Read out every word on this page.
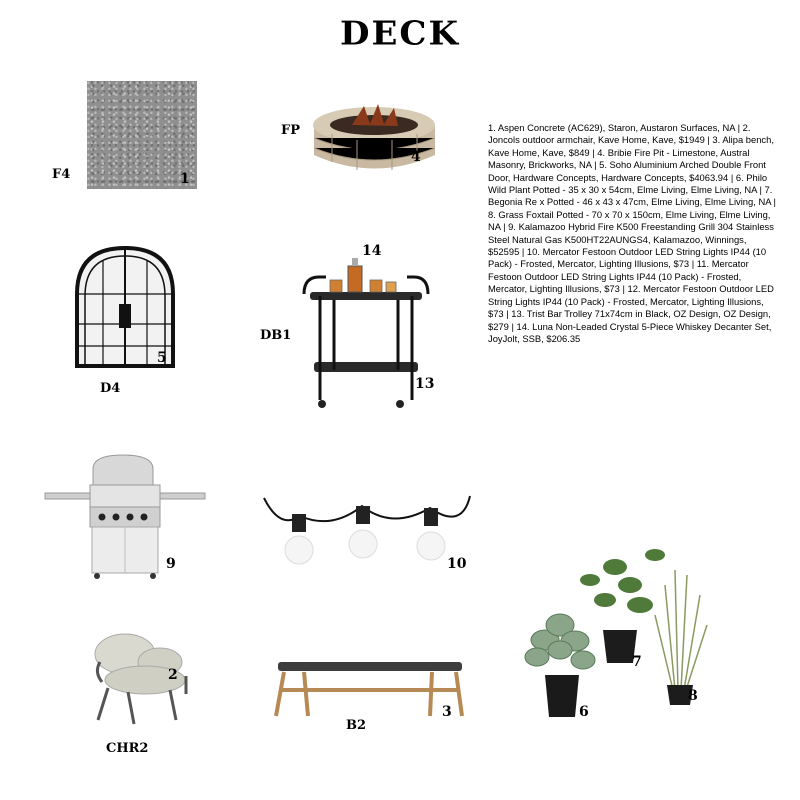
DECK
1. Aspen Concrete (AC629), Staron, Austaron Surfaces, NA | 2. Joncols outdoor armchair, Kave Home, Kave, $1949 | 3. Alipa bench, Kave Home, Kave, $849 | 4. Bribie Fire Pit - Limestone, Austral Masonry, Brickworks, NA | 5. Soho Aluminium Arched Double Front Door, Hardware Concepts, Hardware Concepts, $4063.94 | 6. Philo Wild Plant Potted - 35 x 30 x 54cm, Elme Living, Elme Living, NA | 7. Begonia Re x Potted - 46 x 43 x 47cm, Elme Living, Elme Living, NA | 8. Grass Foxtail Potted - 70 x 70 x 150cm, Elme Living, Elme Living, NA | 9. Kalamazoo Hybrid Fire K500 Freestanding Grill 304 Stainless Steel Natural Gas K500HT22AUNGS4, Kalamazoo, Winnings, $52595 | 10. Mercator Festoon Outdoor LED String Lights IP44 (10 Pack) - Frosted, Mercator, Lighting Illusions, $73 | 11. Mercator Festoon Outdoor LED String Lights IP44 (10 Pack) - Frosted, Mercator, Lighting Illusions, $73 | 12. Mercator Festoon Outdoor LED String Lights IP44 (10 Pack) - Frosted, Mercator, Lighting Illusions, $73 | 13. Trist Bar Trolley 71x74cm in Black, OZ Design, OZ Design, $279 | 14. Luna Non-Leaded Crystal 5-Piece Whiskey Decanter Set, JoyJolt, SSB, $206.35
F4	1
FP
4
5
D4
14
DB1
13
9	10
2
CHR2
3
B2
6
7
8
